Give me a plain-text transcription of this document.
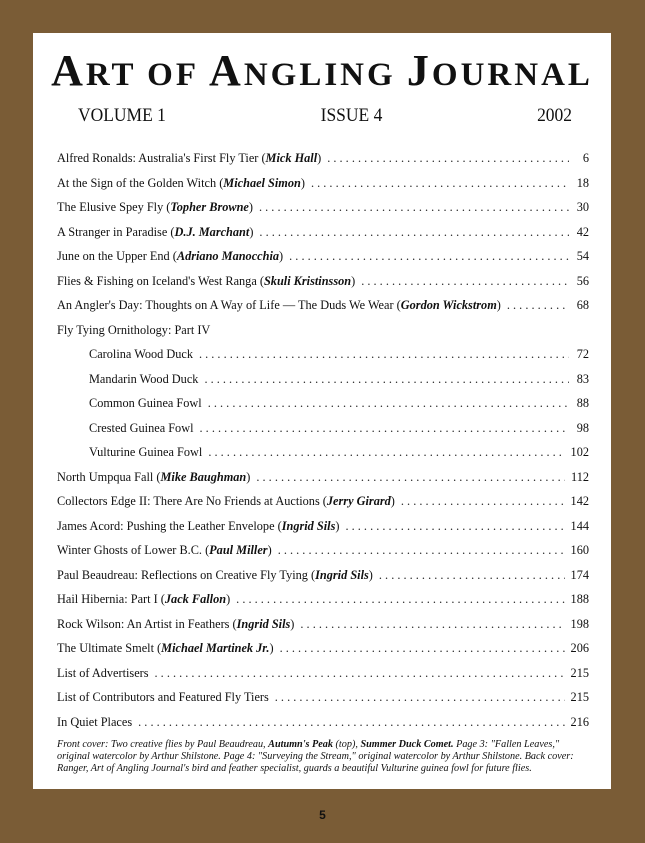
ART OF ANGLING JOURNAL
VOLUME 1	ISSUE 4	2002
Alfred Ronalds: Australia's First Fly Tier (Mick Hall) . . .	6
At the Sign of the Golden Witch (Michael Simon) . . .	18
The Elusive Spey Fly (Topher Browne) . . .	30
A Stranger in Paradise (D.J. Marchant) . . .	42
June on the Upper End (Adriano Manocchia) . . .	54
Flies & Fishing on Iceland's West Ranga (Skuli Kristinsson) . . .	56
An Angler's Day: Thoughts on A Way of Life — The Duds We Wear (Gordon Wickstrom) . . .	68
Fly Tying Ornithology: Part IV
Carolina Wood Duck . . .	72
Mandarin Wood Duck . . .	83
Common Guinea Fowl . . .	88
Crested Guinea Fowl . . .	98
Vulturine Guinea Fowl . . .	102
North Umpqua Fall (Mike Baughman) . . .	112
Collectors Edge II: There Are No Friends at Auctions (Jerry Girard) . . .	142
James Acord: Pushing the Leather Envelope (Ingrid Sils) . . .	144
Winter Ghosts of Lower B.C. (Paul Miller) . . .	160
Paul Beaudreau: Reflections on Creative Fly Tying (Ingrid Sils) . . .	174
Hail Hibernia: Part I (Jack Fallon) . . .	188
Rock Wilson: An Artist in Feathers (Ingrid Sils) . . .	198
The Ultimate Smelt (Michael Martinek Jr.) . . .	206
List of Advertisers . . .	215
List of Contributors and Featured Fly Tiers . . .	215
In Quiet Places . . .	216
Front cover: Two creative flies by Paul Beaudreau, Autumn's Peak (top), Summer Duck Comet. Page 3: "Fallen Leaves," original watercolor by Arthur Shilstone. Page 4: "Surveying the Stream," original watercolor by Arthur Shilstone. Back cover: Ranger, Art of Angling Journal's bird and feather specialist, guards a beautiful Vulturine guinea fowl for future flies.
5
